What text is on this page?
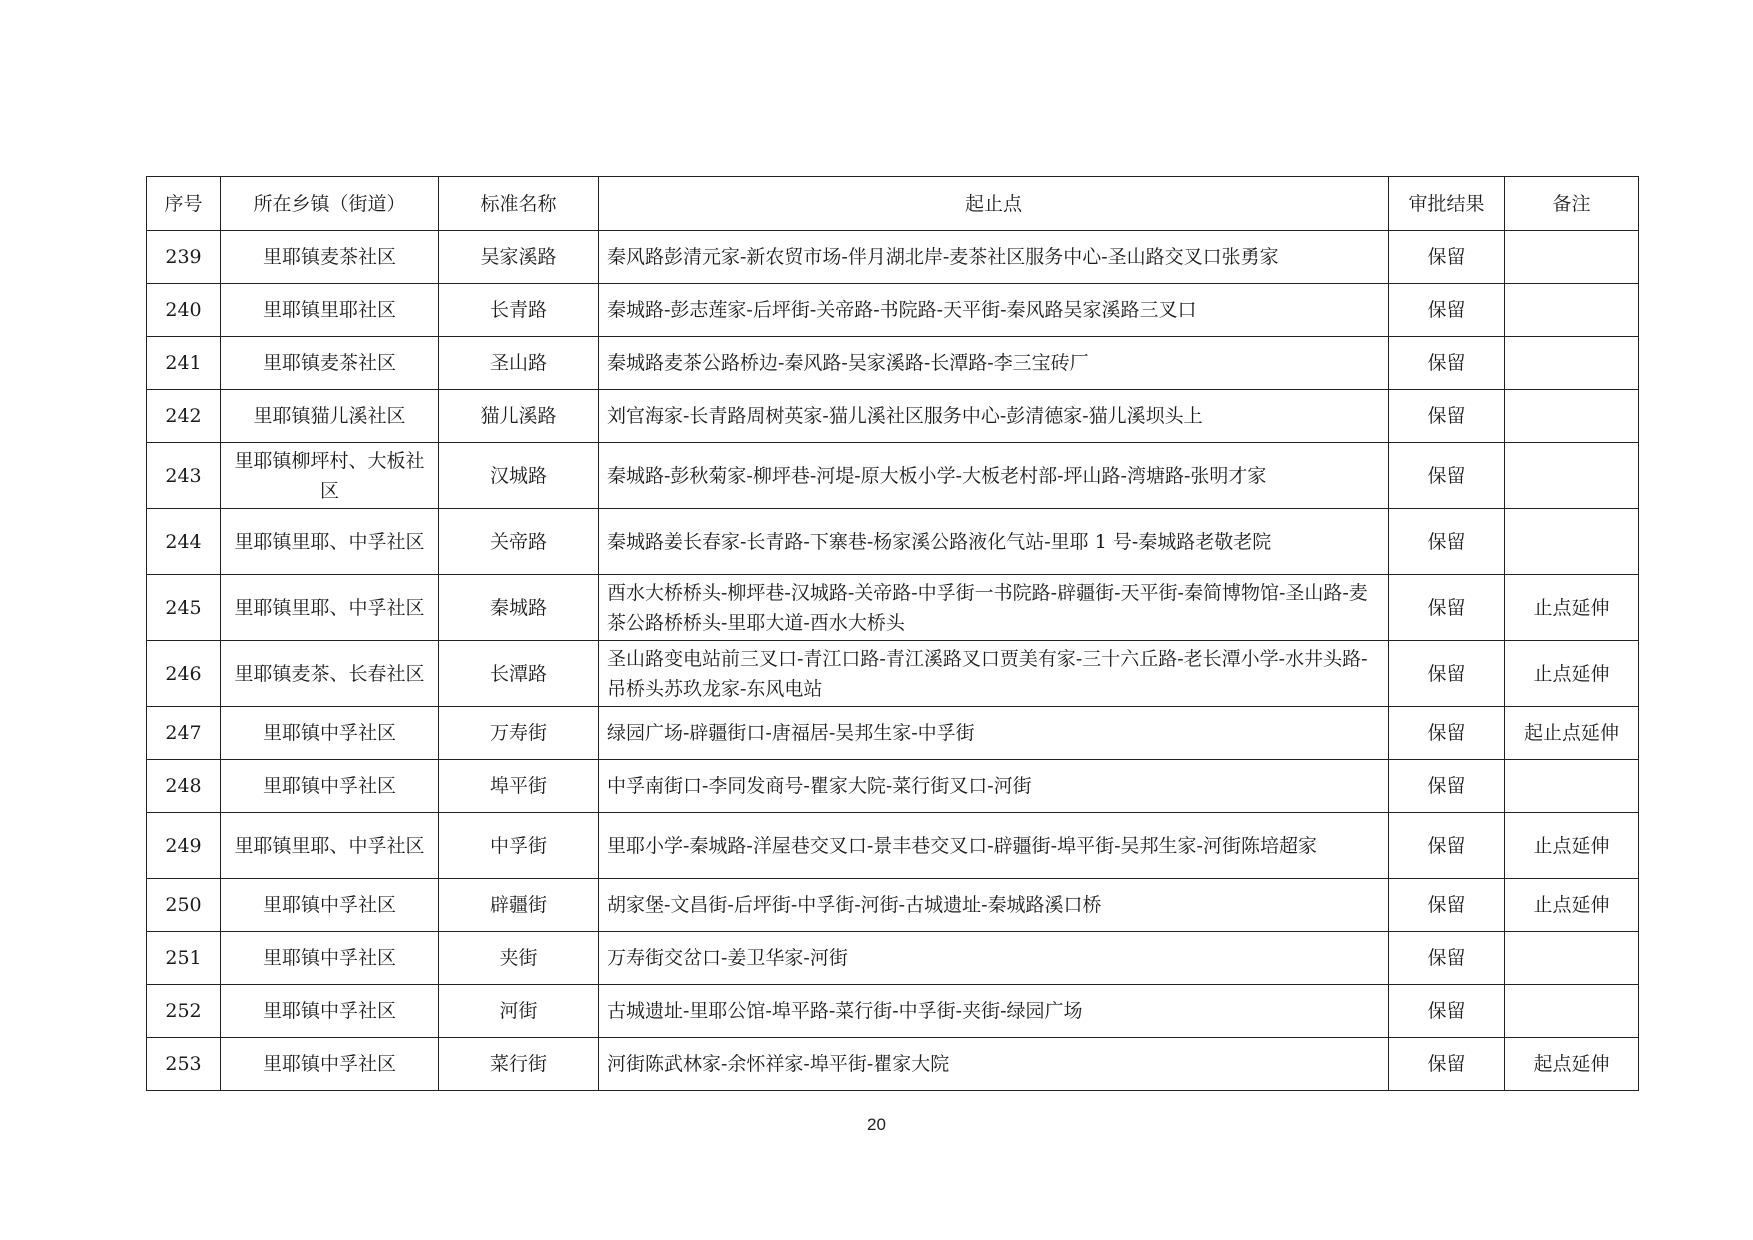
序号	所在乡镇（街道）	标准名称	起止点	审批结果	备注
239	里耶镇麦茶社区	吴家溪路	秦风路彭清元家-新农贸市场-伴月湖北岸-麦茶社区服务中心-圣山路交叉口张勇家	保留	
240	里耶镇里耶社区	长青路	秦城路-彭志莲家-后坪街-关帝路-书院路-天平街-秦风路吴家溪路三叉口	保留	
241	里耶镇麦茶社区	圣山路	秦城路麦茶公路桥边-秦风路-吴家溪路-长潭路-李三宝砖厂	保留	
242	里耶镇猫儿溪社区	猫儿溪路	刘官海家-长青路周树英家-猫儿溪社区服务中心-彭清德家-猫儿溪坝头上	保留	
243	里耶镇柳坪村、大板社区	汉城路	秦城路-彭秋菊家-柳坪巷-河堤-原大板小学-大板老村部-坪山路-湾塘路-张明才家	保留	
244	里耶镇里耶、中孚社区	关帝路	秦城路姜长春家-长青路-下寨巷-杨家溪公路液化气站-里耶 1 号-秦城路老敬老院	保留	
245	里耶镇里耶、中孚社区	秦城路	酉水大桥桥头-柳坪巷-汉城路-关帝路-中孚街一书院路-辟疆街-天平街-秦简博物馆-圣山路-麦茶公路桥桥头-里耶大道-酉水大桥头	保留	止点延伸
246	里耶镇麦茶、长春社区	长潭路	圣山路变电站前三叉口-青江口路-青江溪路叉口贾美有家-三十六丘路-老长潭小学-水井头路-吊桥头苏玖龙家-东风电站	保留	止点延伸
247	里耶镇中孚社区	万寿街	绿园广场-辟疆街口-唐福居-吴邦生家-中孚街	保留	起止点延伸
248	里耶镇中孚社区	埠平街	中孚南街口-李同发商号-瞿家大院-菜行街叉口-河街	保留	
249	里耶镇里耶、中孚社区	中孚街	里耶小学-秦城路-洋屋巷交叉口-景丰巷交叉口-辟疆街-埠平街-吴邦生家-河街陈培超家	保留	止点延伸
250	里耶镇中孚社区	辟疆街	胡家堡-文昌街-后坪街-中孚街-河街-古城遗址-秦城路溪口桥	保留	止点延伸
251	里耶镇中孚社区	夹街	万寿街交岔口-姜卫华家-河街	保留	
252	里耶镇中孚社区	河街	古城遗址-里耶公馆-埠平路-菜行街-中孚街-夹街-绿园广场	保留	
253	里耶镇中孚社区	菜行街	河街陈武林家-余怀祥家-埠平街-瞿家大院	保留	起点延伸
20
